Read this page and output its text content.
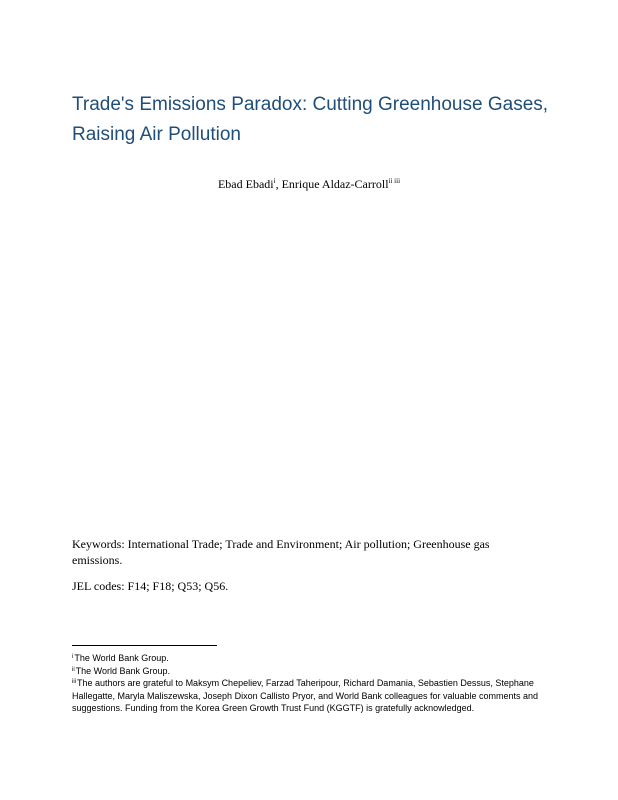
Trade's Emissions Paradox: Cutting Greenhouse Gases,
Raising Air Pollution
Ebad Ebadi$^i$, Enrique Aldaz-Carroll$^{ii iii}$

Keywords: International Trade; Trade and Environment; Air pollution; Greenhouse gas emissions.

JEL codes: F14; F18; Q53; Q56.

$^i$The World Bank Group.

$^{ii}$The World Bank Group.

$^{iii}$The authors are grateful to Maksym Chepeliev, Farzad Taheripour, Richard Damania, Sebastien Dessus, Stephane Hallegatte, Maryla Maliszewska, Joseph Dixon Callisto Pryor, and World Bank colleagues for valuable comments and suggestions. Funding from the Korea Green Growth Trust Fund (KGGTF) is gratefully acknowledged.
